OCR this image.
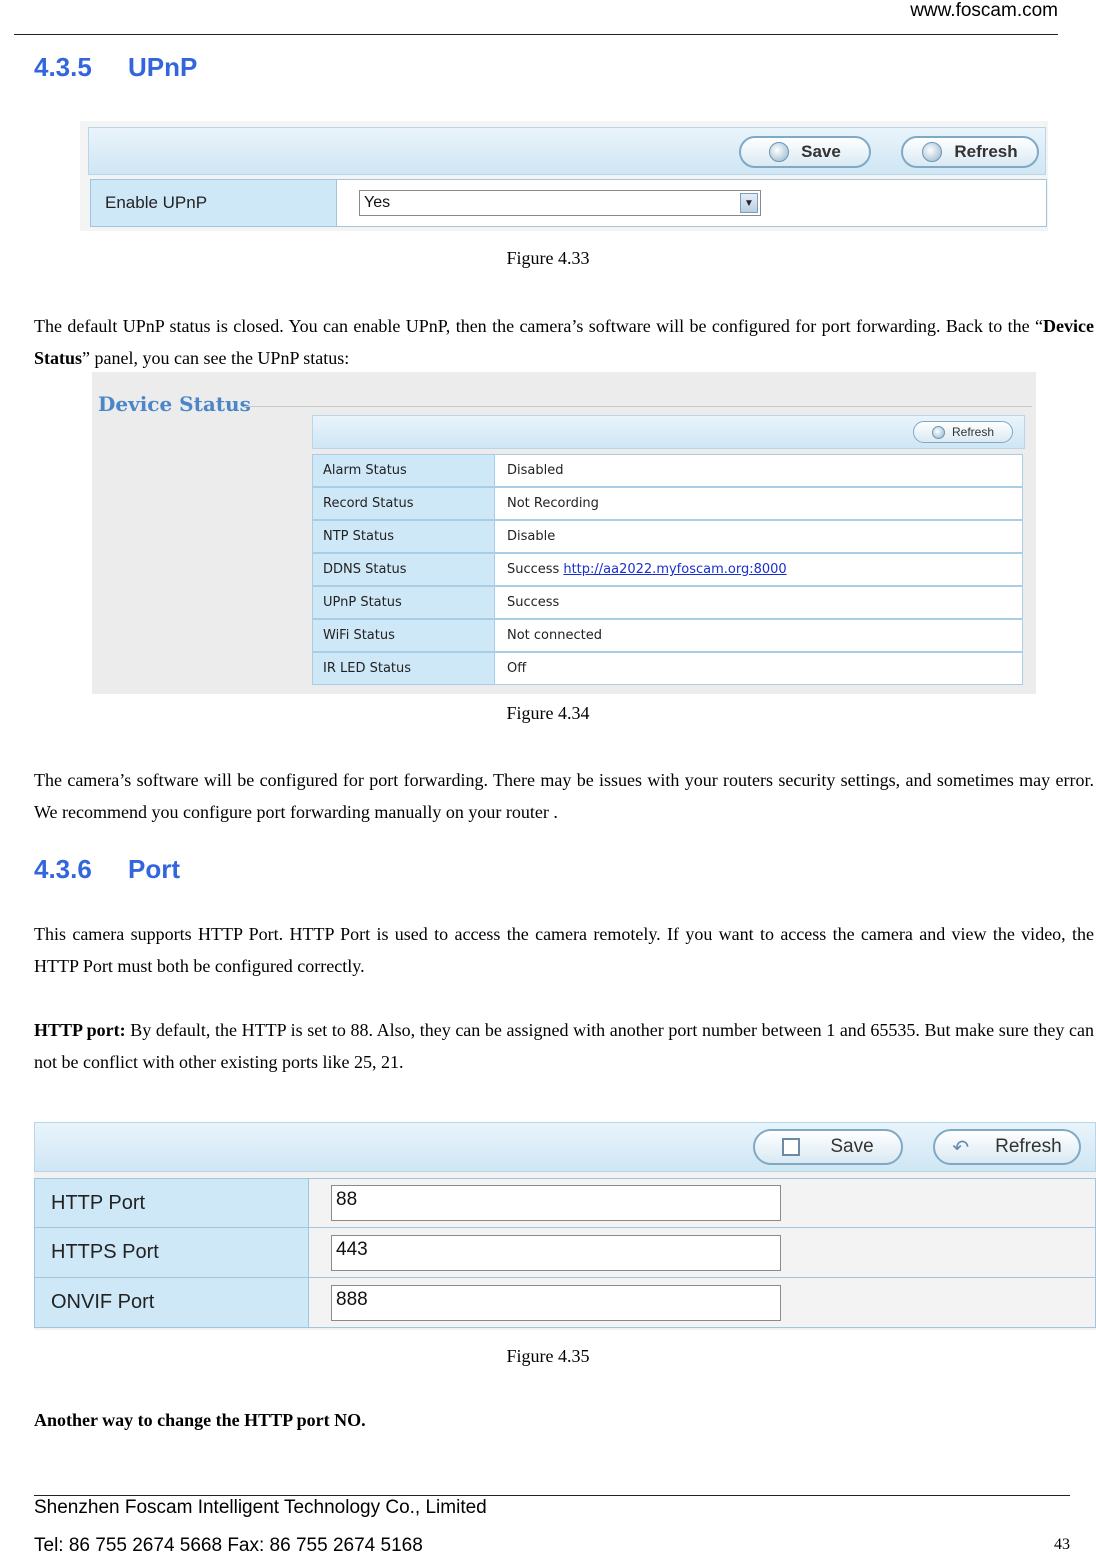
www.foscam.com
4.3.5 UPnP
Save	Refresh
Enable UPnP	Yes	▼
Figure 4.33
The default UPnP status is closed. You can enable UPnP, then the camera’s software will be configured for port forwarding. Back to the “Device Status” panel, you can see the UPnP status:
Device Status
Refresh
Alarm Status	Disabled
Record Status	Not Recording
NTP Status	Disable
DDNS Status	Success http://aa2022.myfoscam.org:8000
UPnP Status	Success
WiFi Status	Not connected
IR LED Status	Off
Figure 4.34
The camera’s software will be configured for port forwarding. There may be issues with your routers security settings, and sometimes may error. We recommend you configure port forwarding manually on your router .
4.3.6 Port
This camera supports HTTP Port. HTTP Port is used to access the camera remotely. If you want to access the camera and view the video, the HTTP Port must both be configured correctly.
HTTP port: By default, the HTTP is set to 88. Also, they can be assigned with another port number between 1 and 65535. But make sure they can not be conflict with other existing ports like 25, 21.
Save	↶ Refresh
HTTP Port	88
HTTPS Port	443
ONVIF Port	888
Figure 4.35
Another way to change the HTTP port NO.
Shenzhen Foscam Intelligent Technology Co., Limited
Tel: 86 755 2674 5668 Fax: 86 755 2674 5168	43
